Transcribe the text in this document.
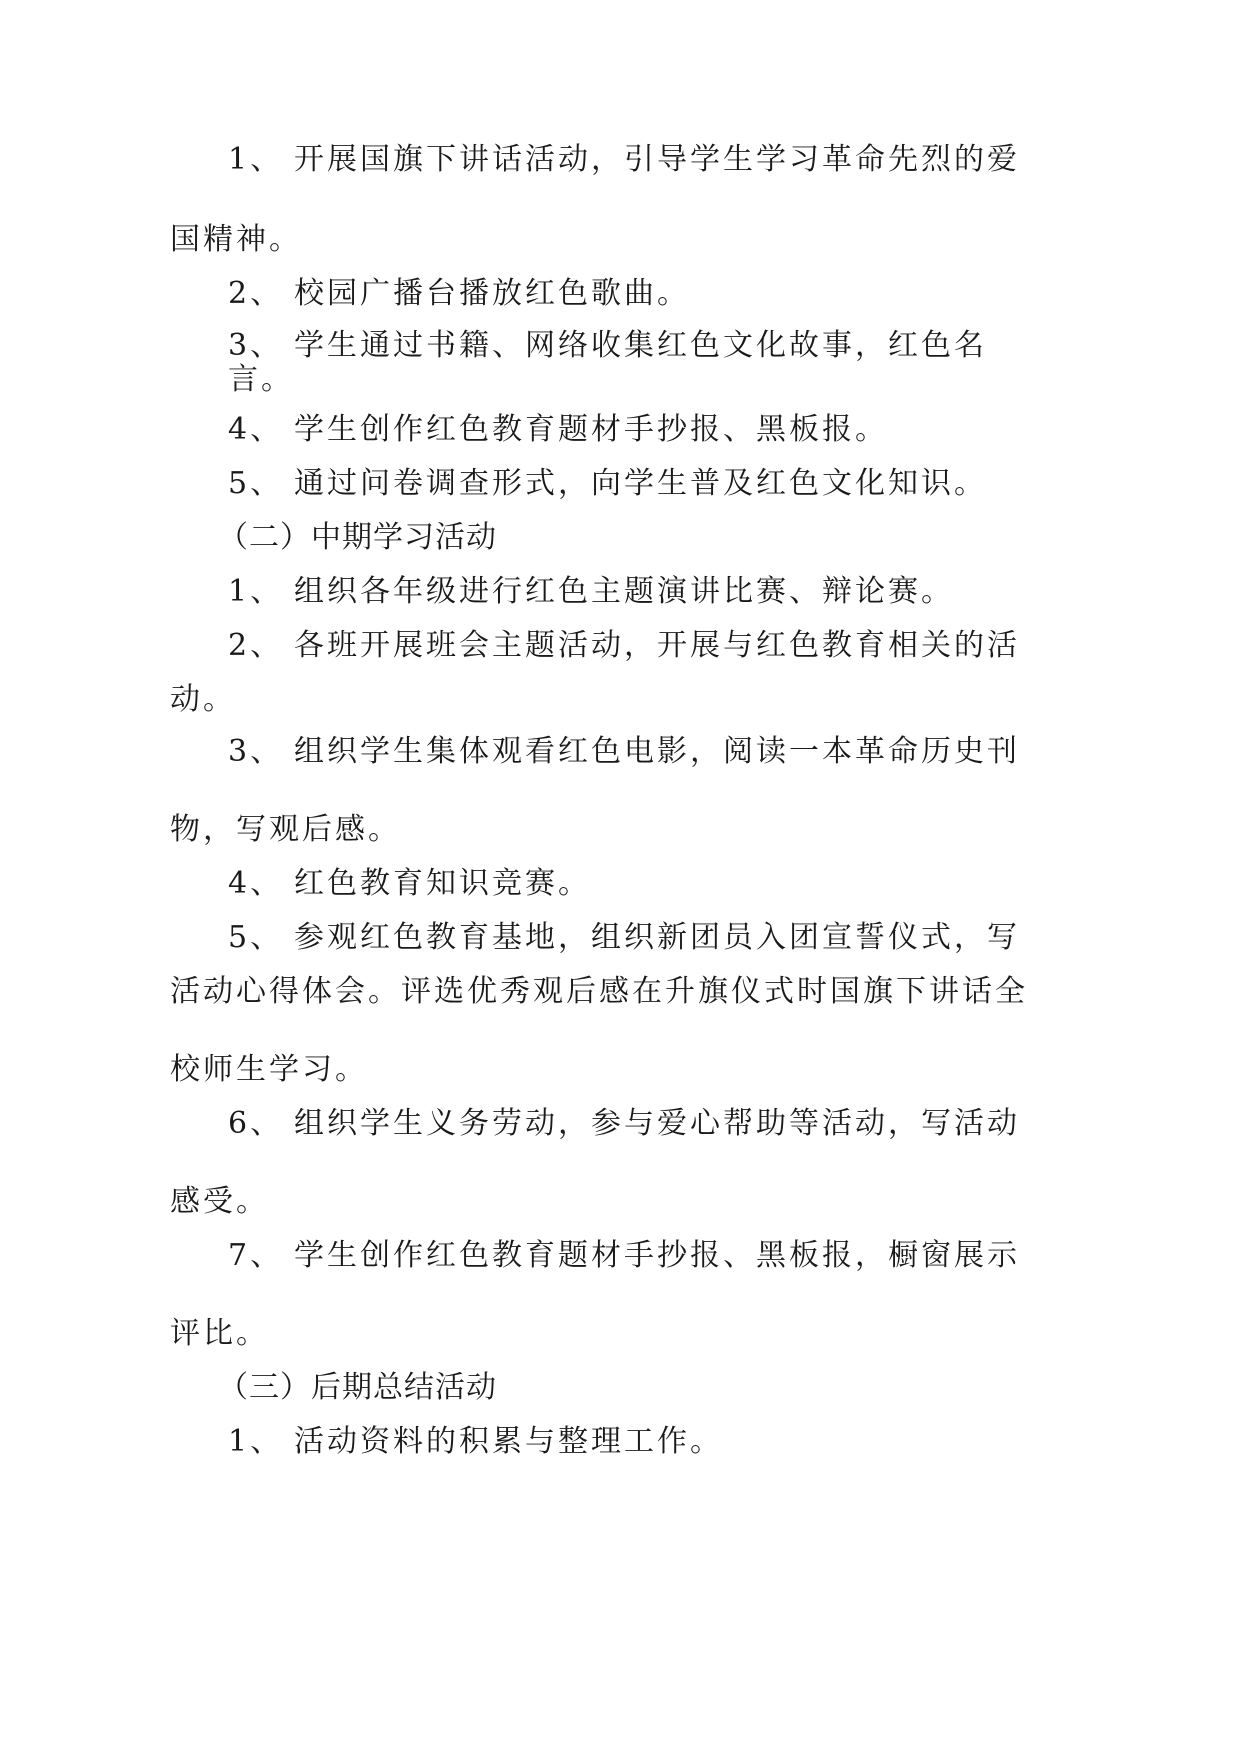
1、 开展国旗下讲话活动，引导学生学习革命先烈的爱
国精神。
2、 校园广播台播放红色歌曲。
3、 学生通过书籍、网络收集红色文化故事，红色名
言。
4、 学生创作红色教育题材手抄报、黑板报。
5、 通过问卷调查形式，向学生普及红色文化知识。
（二）中期学习活动
1、 组织各年级进行红色主题演讲比赛、辩论赛。
2、 各班开展班会主题活动，开展与红色教育相关的活
动。
3、 组织学生集体观看红色电影，阅读一本革命历史刊
物，写观后感。
4、 红色教育知识竞赛。
5、 参观红色教育基地，组织新团员入团宣誓仪式，写
活动心得体会。评选优秀观后感在升旗仪式时国旗下讲话全
校师生学习。
6、 组织学生义务劳动，参与爱心帮助等活动，写活动
感受。
7、 学生创作红色教育题材手抄报、黑板报，橱窗展示
评比。
（三）后期总结活动
1、 活动资料的积累与整理工作。
